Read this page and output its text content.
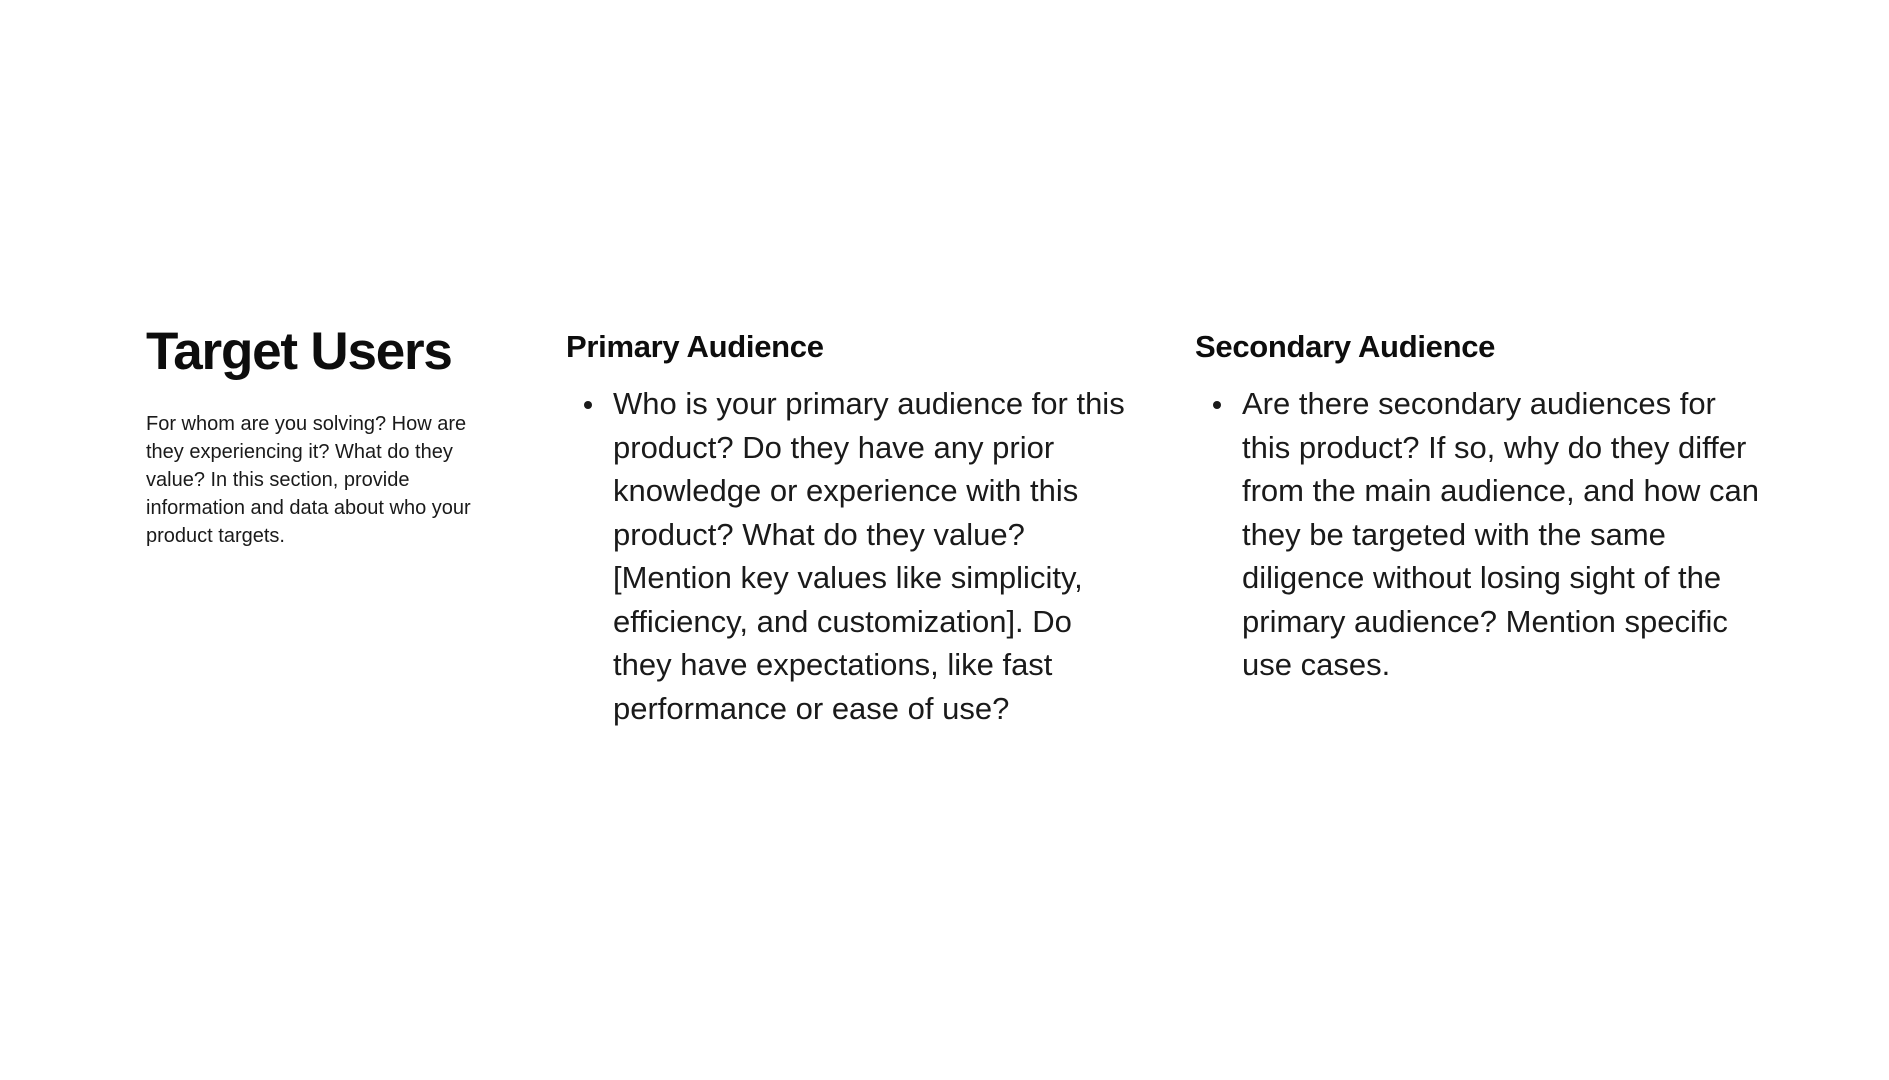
Target Users

For whom are you solving? How are they experiencing it? What do they value? In this section, provide information and data about who your product targets.

Primary Audience
Who is your primary audience for this product? Do they have any prior knowledge or experience with this product? What do they value? [Mention key values like simplicity, efficiency, and customization]. Do they have expectations, like fast performance or ease of use?
Secondary Audience
Are there secondary audiences for this product? If so, why do they differ from the main audience, and how can they be targeted with the same diligence without losing sight of the primary audience? Mention specific use cases.
